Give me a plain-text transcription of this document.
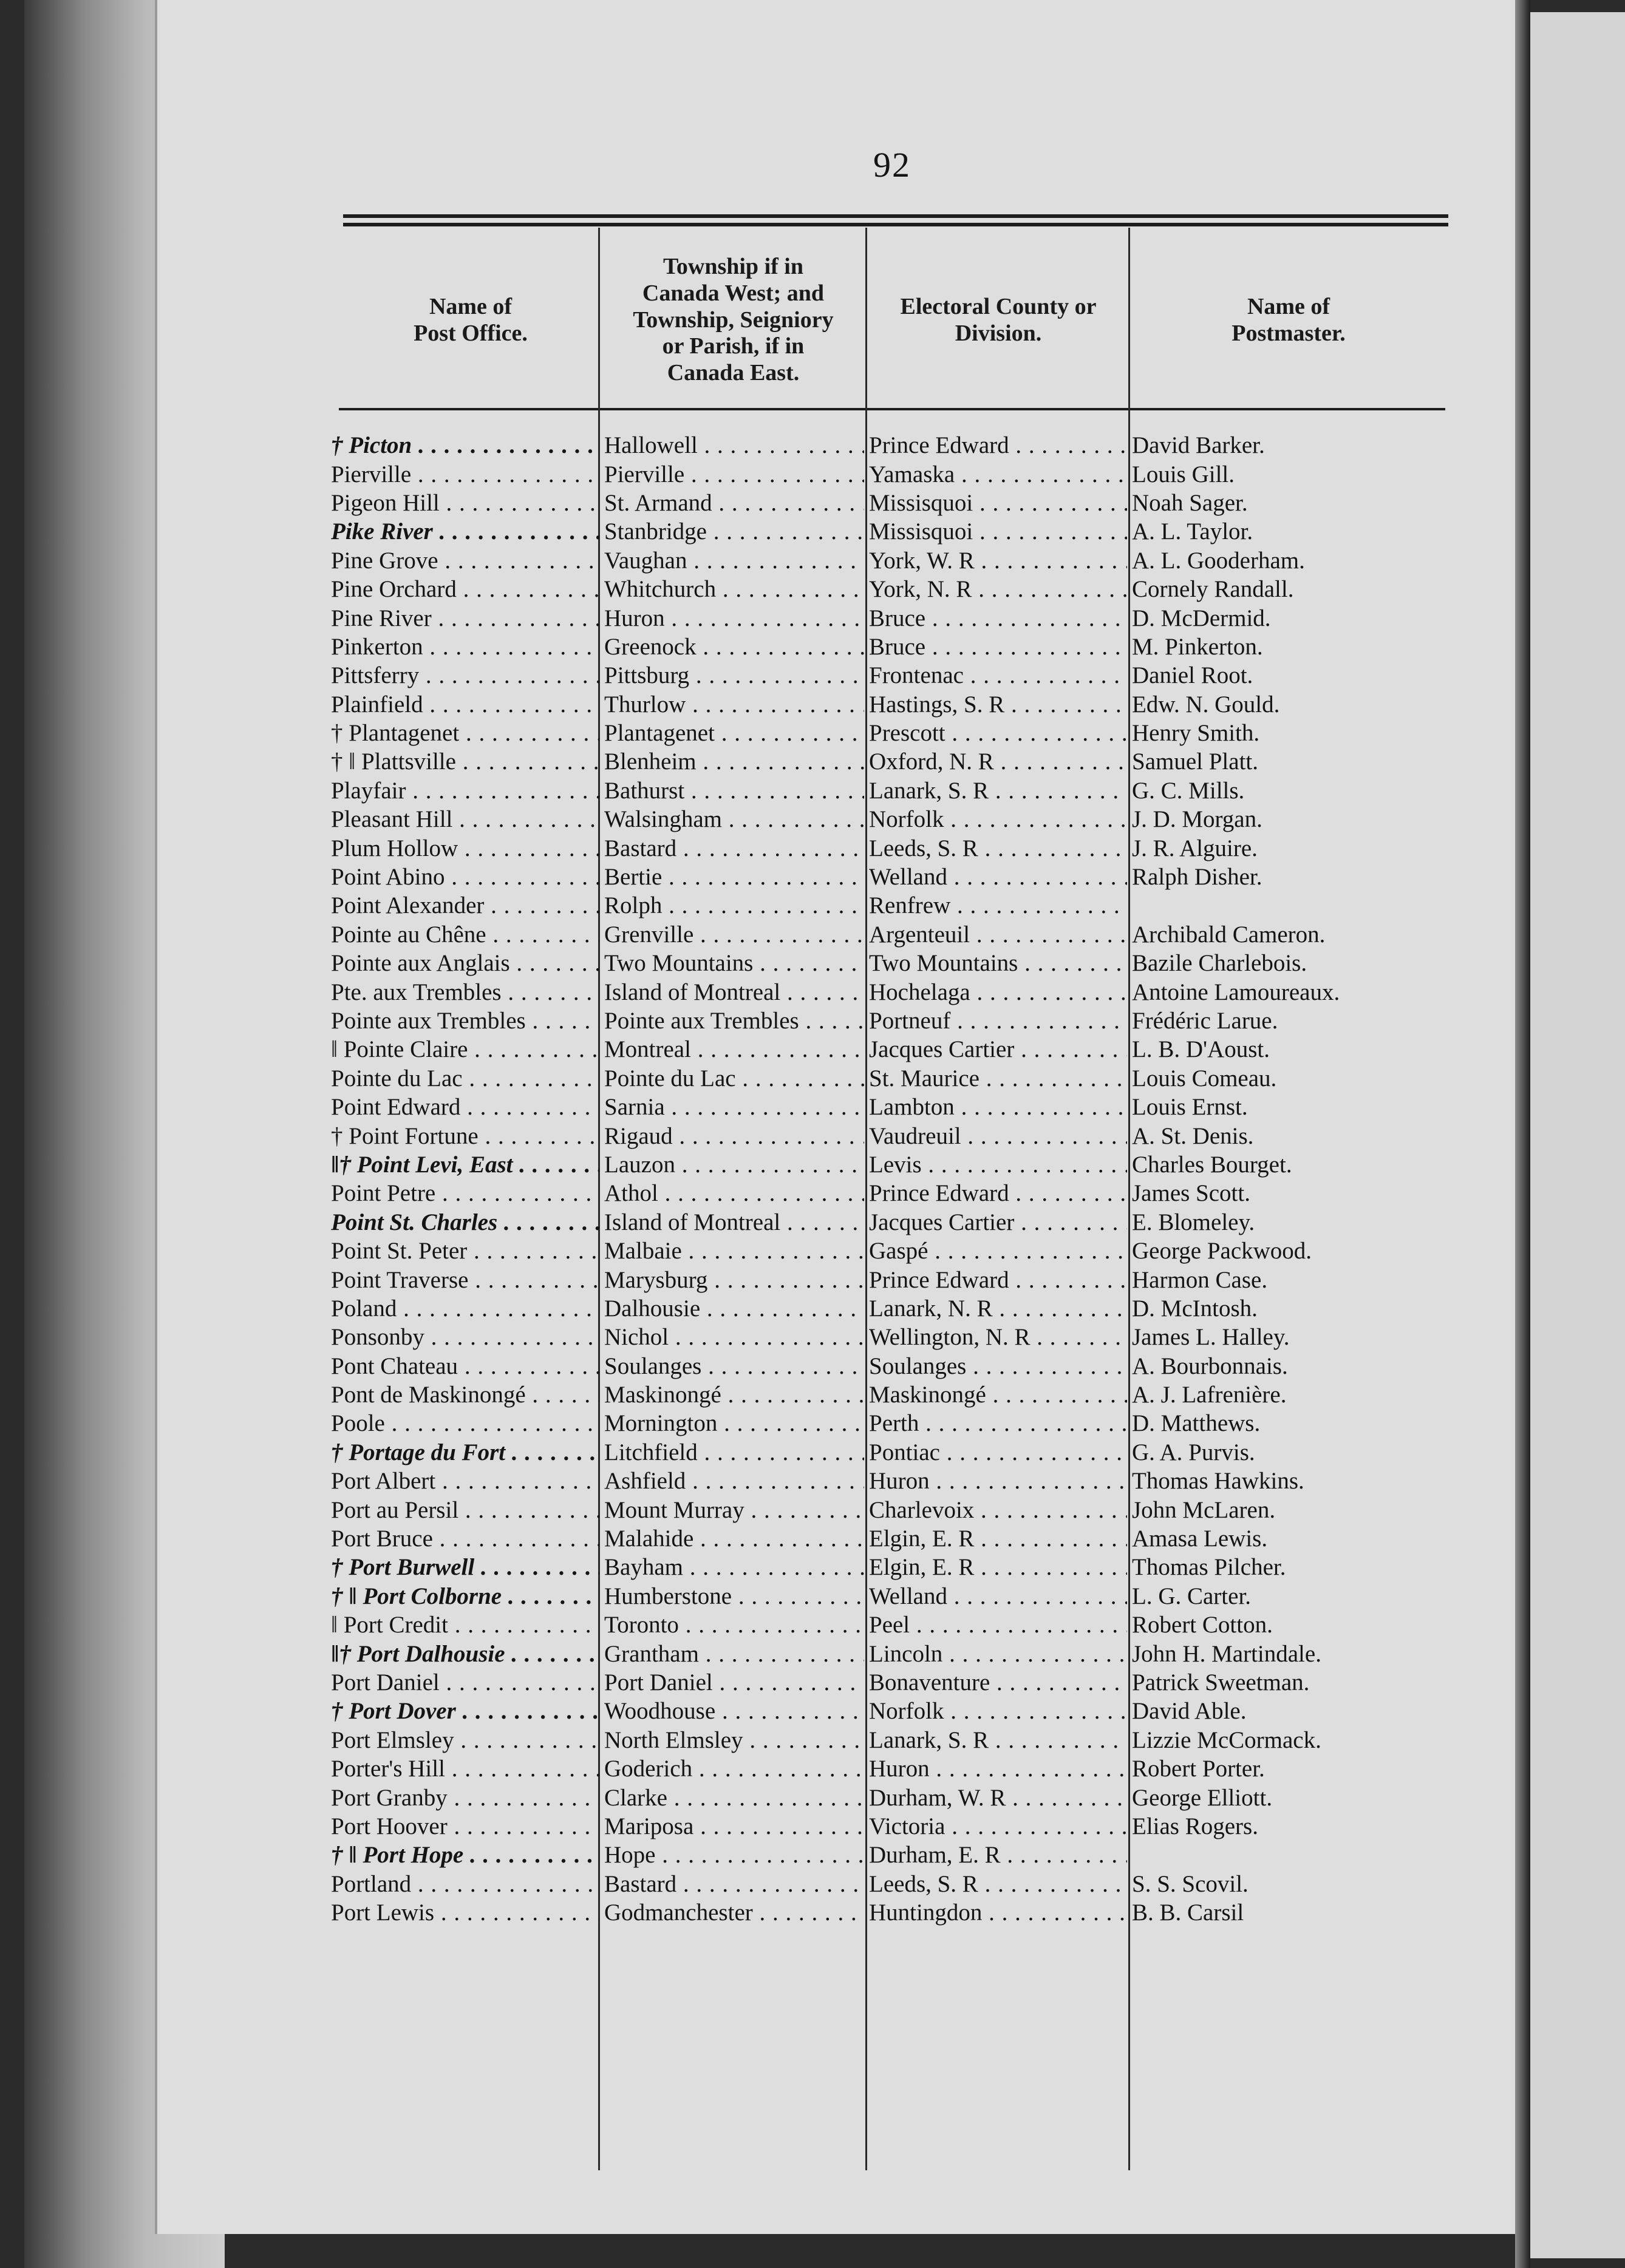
92
Name of
Post Office.
Township if in
Canada West; and
Township, Seigniory
or Parish, if in
Canada East.
Electoral County or
Division.
Name of
Postmaster.
† Picton . . .	Hallowell . . .	Prince Edward . . .	David Barker.
Pierville . . .	Pierville . . .	Yamaska . . .	Louis Gill.
Pigeon Hill . . .	St. Armand . . .	Missisquoi . . .	Noah Sager.
Pike River . . .	Stanbridge . . .	Missisquoi . . .	A. L. Taylor.
Pine Grove . . .	Vaughan . . .	York, W. R . . .	A. L. Gooderham.
Pine Orchard . . .	Whitchurch . . .	York, N. R . . .	Cornely Randall.
Pine River . . .	Huron . . .	Bruce . . .	D. McDermid.
Pinkerton . . .	Greenock . . .	Bruce . . .	M. Pinkerton.
Pittsferry . . .	Pittsburg . . .	Frontenac . . .	Daniel Root.
Plainfield . . .	Thurlow . . .	Hastings, S. R . . .	Edw. N. Gould.
† Plantagenet . . .	Plantagenet . . .	Prescott . . .	Henry Smith.
† ‖ Plattsville . . .	Blenheim . . .	Oxford, N. R . . .	Samuel Platt.
Playfair . . .	Bathurst . . .	Lanark, S. R . . .	G. C. Mills.
Pleasant Hill . . .	Walsingham . . .	Norfolk . . .	J. D. Morgan.
Plum Hollow . . .	Bastard . . .	Leeds, S. R . . .	J. R. Alguire.
Point Abino . . .	Bertie . . .	Welland . . .	Ralph Disher.
Point Alexander . . .	Rolph . . .	Renfrew . . .
Pointe au Chêne . . .	Grenville . . .	Argenteuil . . .	Archibald Cameron.
Pointe aux Anglais . . .	Two Mountains . . .	Two Mountains . . .	Bazile Charlebois.
Pte. aux Trembles . . .	Island of Montreal . . .	Hochelaga . . .	Antoine Lamoureaux.
Pointe aux Trembles . . .	Pointe aux Trembles . . .	Portneuf . . .	Frédéric Larue.
‖ Pointe Claire . . .	Montreal . . .	Jacques Cartier . . .	L. B. D'Aoust.
Pointe du Lac . . .	Pointe du Lac . . .	St. Maurice . . .	Louis Comeau.
Point Edward . . .	Sarnia . . .	Lambton . . .	Louis Ernst.
† Point Fortune . . .	Rigaud . . .	Vaudreuil . . .	A. St. Denis.
‖† Point Levi, East . . .	Lauzon . . .	Levis . . .	Charles Bourget.
Point Petre . . .	Athol . . .	Prince Edward . . .	James Scott.
Point St. Charles . . .	Island of Montreal . . .	Jacques Cartier . . .	E. Blomeley.
Point St. Peter . . .	Malbaie . . .	Gaspé . . .	George Packwood.
Point Traverse . . .	Marysburg . . .	Prince Edward . . .	Harmon Case.
Poland . . .	Dalhousie . . .	Lanark, N. R . . .	D. McIntosh.
Ponsonby . . .	Nichol . . .	Wellington, N. R . . .	James L. Halley.
Pont Chateau . . .	Soulanges . . .	Soulanges . . .	A. Bourbonnais.
Pont de Maskinongé . . .	Maskinongé . . .	Maskinongé . . .	A. J. Lafrenière.
Poole . . .	Mornington . . .	Perth . . .	D. Matthews.
† Portage du Fort . . .	Litchfield . . .	Pontiac . . .	G. A. Purvis.
Port Albert . . .	Ashfield . . .	Huron . . .	Thomas Hawkins.
Port au Persil . . .	Mount Murray . . .	Charlevoix . . .	John McLaren.
Port Bruce . . .	Malahide . . .	Elgin, E. R . . .	Amasa Lewis.
† Port Burwell . . .	Bayham . . .	Elgin, E. R . . .	Thomas Pilcher.
† ‖ Port Colborne . . .	Humberstone . . .	Welland . . .	L. G. Carter.
‖ Port Credit . . .	Toronto . . .	Peel . . .	Robert Cotton.
‖† Port Dalhousie . . .	Grantham . . .	Lincoln . . .	John H. Martindale.
Port Daniel . . .	Port Daniel . . .	Bonaventure . . .	Patrick Sweetman.
† Port Dover . . .	Woodhouse . . .	Norfolk . . .	David Able.
Port Elmsley . . .	North Elmsley . . .	Lanark, S. R . . .	Lizzie McCormack.
Porter's Hill . . .	Goderich . . .	Huron . . .	Robert Porter.
Port Granby . . .	Clarke . . .	Durham, W. R . . .	George Elliott.
Port Hoover . . .	Mariposa . . .	Victoria . . .	Elias Rogers.
† ‖ Port Hope . . .	Hope . . .	Durham, E. R . . .
Portland . . .	Bastard . . .	Leeds, S. R . . .	S. S. Scovil.
Port Lewis . . .	Godmanchester . . .	Huntingdon . . .	B. B. Carsil
